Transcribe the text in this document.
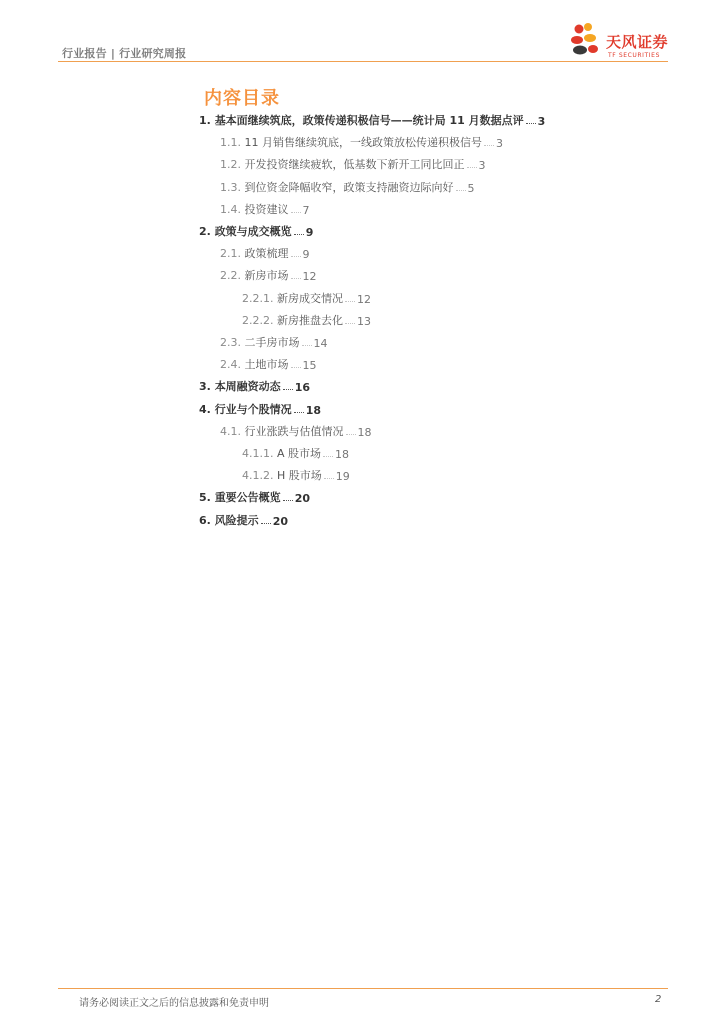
行业报告 | 行业研究周报
天风证券
TF SECURITIES
内容目录
1. 基本面继续筑底，政策传递积极信号——统计局 11 月数据点评 3
1.1. 11 月销售继续筑底，一线政策放松传递积极信号 3
1.2. 开发投资继续疲软，低基数下新开工同比回正 3
1.3. 到位资金降幅收窄，政策支持融资边际向好 5
1.4. 投资建议 7
2. 政策与成交概览 9
2.1. 政策梳理 9
2.2. 新房市场 12
2.2.1. 新房成交情况 12
2.2.2. 新房推盘去化 13
2.3. 二手房市场 14
2.4. 土地市场 15
3. 本周融资动态 16
4. 行业与个股情况 18
4.1. 行业涨跌与估值情况 18
4.1.1. A 股市场 18
4.1.2. H 股市场 19
5. 重要公告概览 20
6. 风险提示 20
请务必阅读正文之后的信息披露和免责申明	2
